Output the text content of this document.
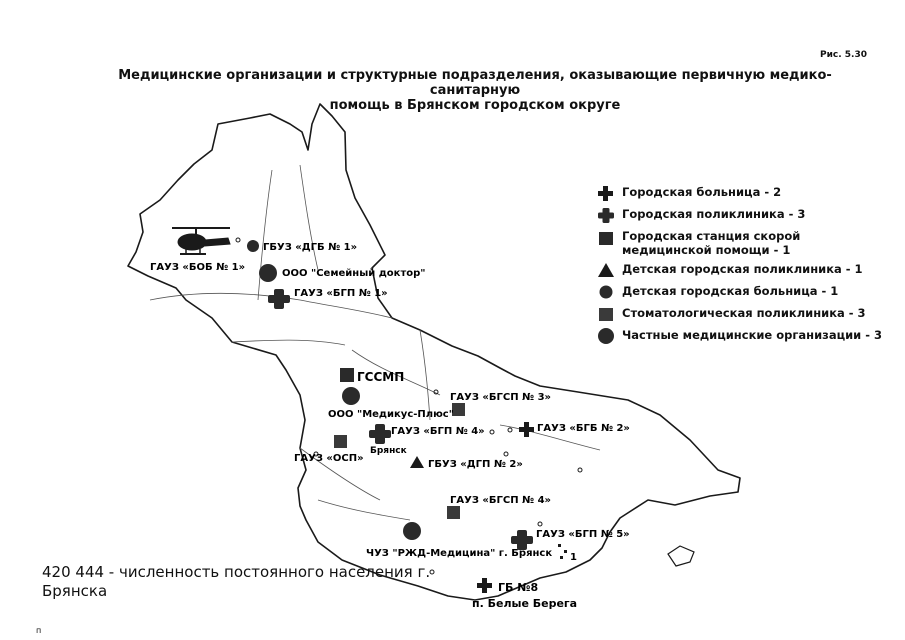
Рис. 5.30
Медицинские организации и структурные подразделения, оказывающие первичную медико-санитарную
помощь в Брянском городском округе
ГБУЗ «ДГБ № 1»
ГАУЗ «БОБ № 1»
ООО "Семейный доктор"
ГАУЗ «БГП № 1»
ГССМП
ООО "Медикус-Плюс"
ГАУЗ «БГСП № 3»
ГАУЗ «БГП № 4»	ГАУЗ «БГБ № 2»
ГАУЗ «ОСП»
Брянск
ГБУЗ «ДГП № 2»
ГАУЗ «БГСП № 4»
ГАУЗ «БГП № 5»
ЧУЗ "РЖД-Медицина" г. Брянск 1
ГБ №8
п. Белые Берега
Городская больница - 2
Городская поликлиника - 3
Городская станция скорой медицинской помощи - 1
Детская городская поликлиника - 1
Детская городская больница - 1
Стоматологическая поликлиника - 3
Частные медицинские организации - 3
420 444 - численность постоянного населения г. Брянска
п
